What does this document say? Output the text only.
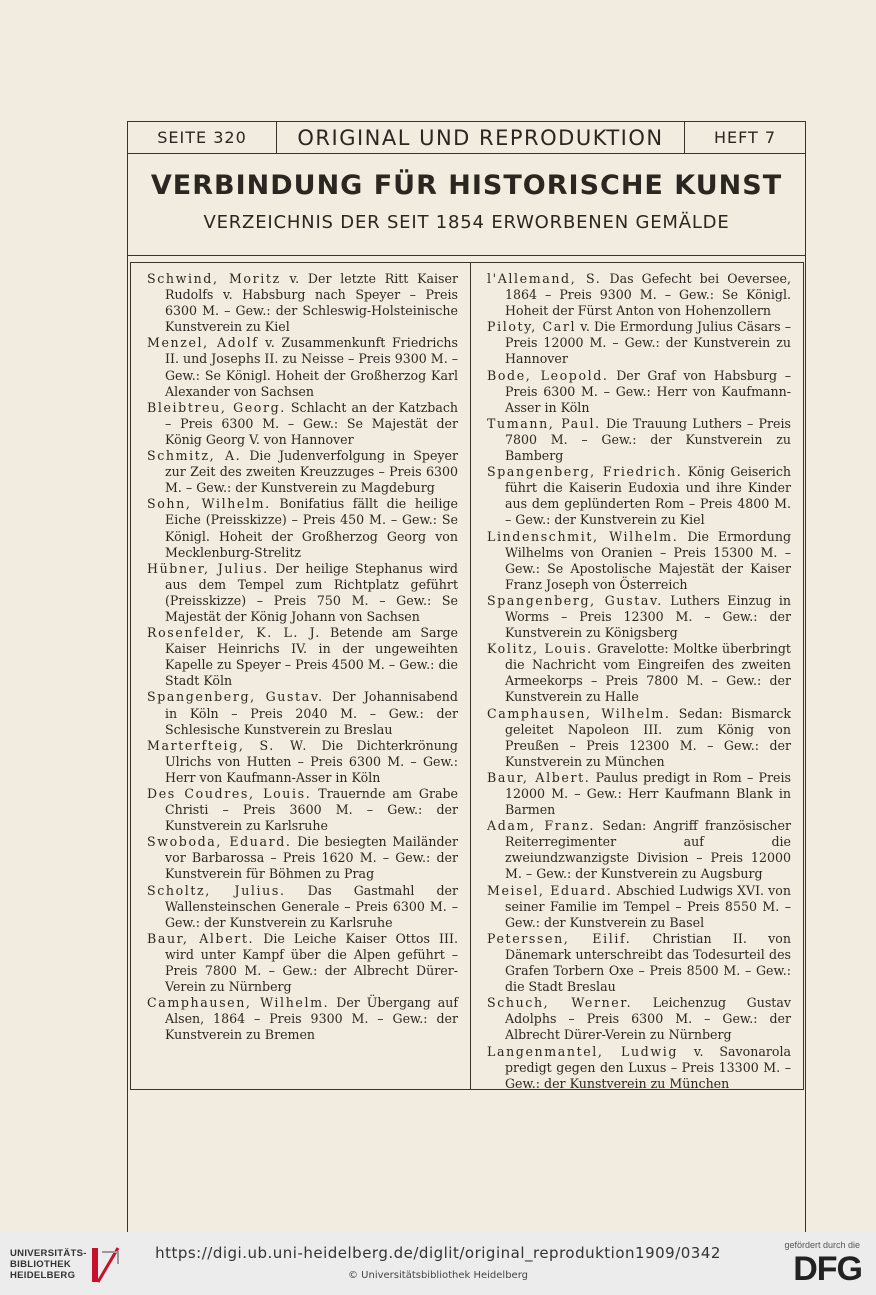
SEITE 320	ORIGINAL UND REPRODUKTION	HEFT 7
VERBINDUNG FÜR HISTORISCHE KUNST
VERZEICHNIS DER SEIT 1854 ERWORBENEN GEMÄLDE

Schwind, Moritz v. Der letzte Ritt Kaiser Rudolfs v. Habsburg nach Speyer – Preis 6300 M. – Gew.: der Schleswig-Holsteinische Kunstverein zu Kiel

Menzel, Adolf v. Zusammenkunft Friedrichs II. und Josephs II. zu Neisse – Preis 9300 M. – Gew.: Se Königl. Hoheit der Großherzog Karl Alexander von Sachsen

Bleibtreu, Georg. Schlacht an der Katzbach – Preis 6300 M. – Gew.: Se Majestät der König Georg V. von Hannover

Schmitz, A. Die Judenverfolgung in Speyer zur Zeit des zweiten Kreuzzuges – Preis 6300 M. – Gew.: der Kunstverein zu Magdeburg

Sohn, Wilhelm. Bonifatius fällt die heilige Eiche (Preisskizze) – Preis 450 M. – Gew.: Se Königl. Hoheit der Großherzog Georg von Mecklenburg-Strelitz

Hübner, Julius. Der heilige Stephanus wird aus dem Tempel zum Richtplatz geführt (Preisskizze) – Preis 750 M. – Gew.: Se Majestät der König Johann von Sachsen

Rosenfelder, K. L. J. Betende am Sarge Kaiser Heinrichs IV. in der ungeweihten Kapelle zu Speyer – Preis 4500 M. – Gew.: die Stadt Köln

Spangenberg, Gustav. Der Johannisabend in Köln – Preis 2040 M. – Gew.: der Schlesische Kunstverein zu Breslau

Marterfteig, S. W. Die Dichterkrönung Ulrichs von Hutten – Preis 6300 M. – Gew.: Herr von Kaufmann-Asser in Köln

Des Coudres, Louis. Trauernde am Grabe Christi – Preis 3600 M. – Gew.: der Kunstverein zu Karlsruhe

Swoboda, Eduard. Die besiegten Mailänder vor Barbarossa – Preis 1620 M. – Gew.: der Kunstverein für Böhmen zu Prag

Scholtz, Julius. Das Gastmahl der Wallensteinschen Generale – Preis 6300 M. – Gew.: der Kunstverein zu Karlsruhe

Baur, Albert. Die Leiche Kaiser Ottos III. wird unter Kampf über die Alpen geführt – Preis 7800 M. – Gew.: der Albrecht Dürer-Verein zu Nürnberg

Camphausen, Wilhelm. Der Übergang auf Alsen, 1864 – Preis 9300 M. – Gew.: der Kunstverein zu Bremen

l'Allemand, S. Das Gefecht bei Oeversee, 1864 – Preis 9300 M. – Gew.: Se Königl. Hoheit der Fürst Anton von Hohenzollern

Piloty, Carl v. Die Ermordung Julius Cäsars – Preis 12000 M. – Gew.: der Kunstverein zu Hannover

Bode, Leopold. Der Graf von Habsburg – Preis 6300 M. – Gew.: Herr von Kaufmann-Asser in Köln

Tumann, Paul. Die Trauung Luthers – Preis 7800 M. – Gew.: der Kunstverein zu Bamberg

Spangenberg, Friedrich. König Geiserich führt die Kaiserin Eudoxia und ihre Kinder aus dem geplünderten Rom – Preis 4800 M. – Gew.: der Kunstverein zu Kiel

Lindenschmit, Wilhelm. Die Ermordung Wilhelms von Oranien – Preis 15300 M. – Gew.: Se Apostolische Majestät der Kaiser Franz Joseph von Österreich

Spangenberg, Gustav. Luthers Einzug in Worms – Preis 12300 M. – Gew.: der Kunstverein zu Königsberg

Kolitz, Louis. Gravelotte: Moltke überbringt die Nachricht vom Eingreifen des zweiten Armeekorps – Preis 7800 M. – Gew.: der Kunstverein zu Halle

Camphausen, Wilhelm. Sedan: Bismarck geleitet Napoleon III. zum König von Preußen – Preis 12300 M. – Gew.: der Kunstverein zu München

Baur, Albert. Paulus predigt in Rom – Preis 12000 M. – Gew.: Herr Kaufmann Blank in Barmen

Adam, Franz. Sedan: Angriff französischer Reiterregimenter auf die zweiundzwanzigste Division – Preis 12000 M. – Gew.: der Kunstverein zu Augsburg

Meisel, Eduard. Abschied Ludwigs XVI. von seiner Familie im Tempel – Preis 8550 M. – Gew.: der Kunstverein zu Basel

Peterssen, Eilif. Christian II. von Dänemark unterschreibt das Todesurteil des Grafen Torbern Oxe – Preis 8500 M. – Gew.: die Stadt Breslau

Schuch, Werner. Leichenzug Gustav Adolphs – Preis 6300 M. – Gew.: der Albrecht Dürer-Verein zu Nürnberg

Langenmantel, Ludwig v. Savonarola predigt gegen den Luxus – Preis 13300 M. – Gew.: der Kunstverein zu München

UNIVERSITÄTS-
BIBLIOTHEK
HEIDELBERG
https://digi.ub.uni-heidelberg.de/diglit/original_reproduktion1909/0342
© Universitätsbibliothek Heidelberg
gefördert durch die
DFG
